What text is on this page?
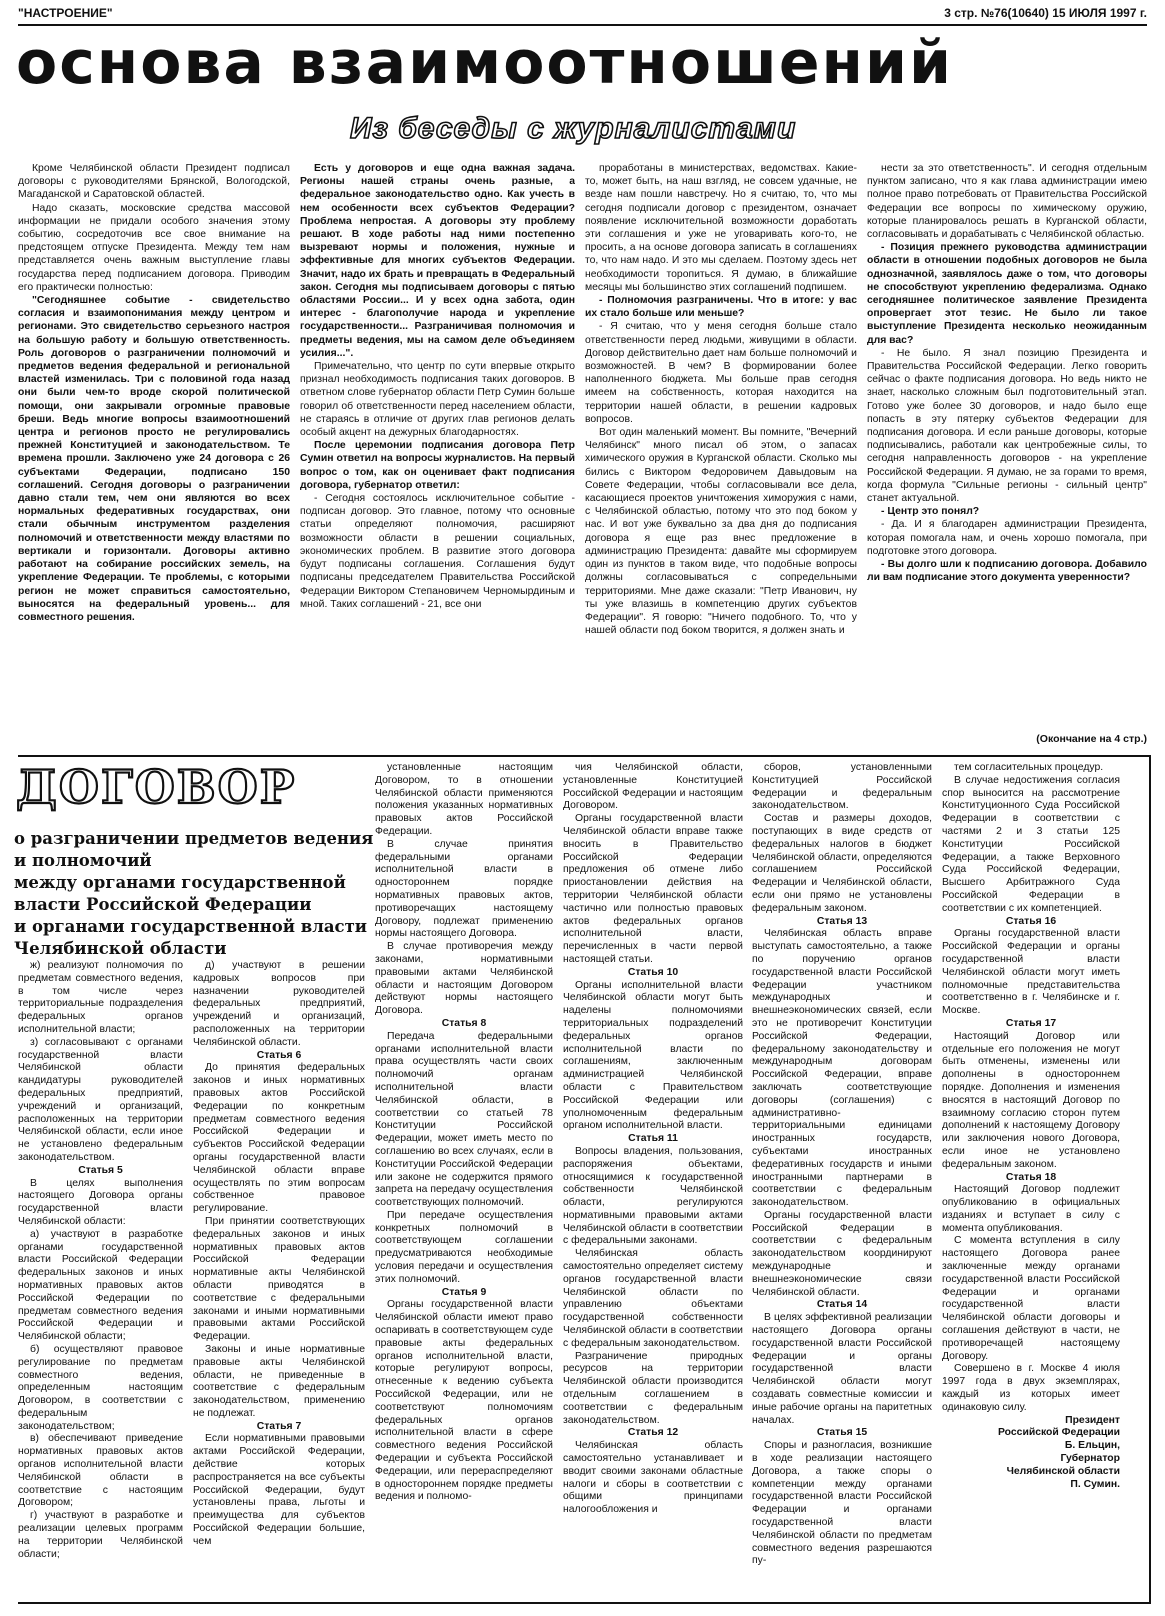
"НАСТРОЕНИЕ"	3 стр. №76(10640) 15 ИЮЛЯ 1997 г.
основа взаимоотношений
Из беседы с журналистами

Кроме Челябинской области Президент подписал договоры с руководителями Брянской, Вологодской, Магаданской и Саратовской областей.

Надо сказать, московские средства массовой информации не придали особого значения этому событию, сосредоточив все свое внимание на предстоящем отпуске Президента. Между тем нам представляется очень важным выступление главы государства перед подписанием договора. Приводим его практически полностью:

"Сегодняшнее событие - свидетельство согласия и взаимопонимания между центром и регионами. Это свидетельство серьезного настроя на большую работу и большую ответственность. Роль договоров о разграничении полномочий и предметов ведения федеральной и региональной властей изменилась. Три с половиной года назад они были чем-то вроде скорой политической помощи, они закрывали огромные правовые бреши. Ведь многие вопросы взаимоотношений центра и регионов просто не регулировались прежней Конституцией и законодательством. Те времена прошли. Заключено уже 24 договора с 26 субъектами Федерации, подписано 150 соглашений. Сегодня договоры о разграничении давно стали тем, чем они являются во всех нормальных федеративных государствах, они стали обычным инструментом разделения полномочий и ответственности между властями по вертикали и горизонтали. Договоры активно работают на собирание российских земель, на укрепление Федерации. Те проблемы, с которыми регион не может справиться самостоятельно, выносятся на федеральный уровень... для совместного решения.

Есть у договоров и еще одна важная задача. Регионы нашей страны очень разные, а федеральное законодательство одно. Как учесть в нем особенности всех субъектов Федерации? Проблема непростая. А договоры эту проблему решают. В ходе работы над ними постепенно вызревают нормы и положения, нужные и эффективные для многих субъектов Федерации. Значит, надо их брать и превращать в Федеральный закон. Сегодня мы подписываем договоры с пятью областями России... И у всех одна забота, один интерес - благополучие народа и укрепление государственности... Разграничивая полномочия и предметы ведения, мы на самом деле объединяем усилия...".

Примечательно, что центр по сути впервые открыто признал необходимость подписания таких договоров. В ответном слове губернатор области Петр Сумин больше говорил об ответственности перед населением области, не стараясь в отличие от других глав регионов делать особый акцент на дежурных благодарностях.

После церемонии подписания договора Петр Сумин ответил на вопросы журналистов. На первый вопрос о том, как он оценивает факт подписания договора, губернатор ответил:

- Сегодня состоялось исключительное событие - подписан договор. Это главное, потому что основные статьи определяют полномочия, расширяют возможности области в решении социальных, экономических проблем. В развитие этого договора будут подписаны соглашения. Соглашения будут подписаны председателем Правительства Российской Федерации Виктором Степановичем Черномырдиным и мной. Таких соглашений - 21, все они

проработаны в министерствах, ведомствах. Какие-то, может быть, на наш взгляд, не совсем удачные, не везде нам пошли навстречу. Но я считаю, то, что мы сегодня подписали договор с президентом, означает появление исключительной возможности доработать эти соглашения и уже не уговаривать кого-то, не просить, а на основе договора записать в соглашениях то, что нам надо. И это мы сделаем. Поэтому здесь нет необходимости торопиться. Я думаю, в ближайшие месяцы мы большинство этих соглашений подпишем.

- Полномочия разграничены. Что в итоге: у вас их стало больше или меньше?

- Я считаю, что у меня сегодня больше стало ответственности перед людьми, живущими в области. Договор действительно дает нам больше полномочий и возможностей. В чем? В формировании более наполненного бюджета. Мы больше прав сегодня имеем на собственность, которая находится на территории нашей области, в решении кадровых вопросов.

Вот один маленький момент. Вы помните, "Вечерний Челябинск" много писал об этом, о запасах химического оружия в Курганской области. Сколько мы бились с Виктором Федоровичем Давыдовым на Совете Федерации, чтобы согласовывали все дела, касающиеся проектов уничтожения химоружия с нами, с Челябинской областью, потому что это под боком у нас. И вот уже буквально за два дня до подписания договора я еще раз внес предложение в администрацию Президента: давайте мы сформируем один из пунктов в таком виде, что подобные вопросы должны согласовываться с сопредельными территориями. Мне даже сказали: "Петр Иванович, ну ты уже влазишь в компетенцию других субъектов Федерации". Я говорю: "Ничего подобного. То, что у нашей области под боком творится, я должен знать и

нести за это ответственность". И сегодня отдельным пунктом записано, что я как глава администрации имею полное право потребовать от Правительства Российской Федерации все вопросы по химическому оружию, которые планировалось решать в Курганской области, согласовывать и дорабатывать с Челябинской областью.

- Позиция прежнего руководства администрации области в отношении подобных договоров не была однозначной, заявлялось даже о том, что договоры не способствуют укреплению федерализма. Однако сегодняшнее политическое заявление Президента опровергает этот тезис. Не было ли такое выступление Президента несколько неожиданным для вас?

- Не было. Я знал позицию Президента и Правительства Российской Федерации. Легко говорить сейчас о факте подписания договора. Но ведь никто не знает, насколько сложным был подготовительный этап. Готово уже более 30 договоров, и надо было еще попасть в эту пятерку субъектов Федерации для подписания договора. И если раньше договоры, которые подписывались, работали как центробежные силы, то сегодня направленность договоров - на укрепление Российской Федерации. Я думаю, не за горами то время, когда формула "Сильные регионы - сильный центр" станет актуальной.

- Центр это понял?

- Да. И я благодарен администрации Президента, которая помогала нам, и очень хорошо помогала, при подготовке этого договора.

- Вы долго шли к подписанию договора. Добавило ли вам подписание этого документа уверенности?

(Окончание на 4 стр.)
ДОГОВОР
о разграничении предметов ведения
и полномочий
между органами государственной
власти Российской Федерации
и органами государственной власти
Челябинской области

ж) реализуют полномочия по предметам совместного ведения, в том числе через территориальные подразделения федеральных органов исполнительной власти;

з) согласовывают с органами государственной власти Челябинской области кандидатуры руководителей федеральных предприятий, учреждений и организаций, расположенных на территории Челябинской области, если иное не установлено федеральным законодательством.

Статья 5

В целях выполнения настоящего Договора органы государственной власти Челябинской области:

а) участвуют в разработке органами государственной власти Российской Федерации федеральных законов и иных нормативных правовых актов Российской Федерации по предметам совместного ведения Российской Федерации и Челябинской области;

б) осуществляют правовое регулирование по предметам совместного ведения, определенным настоящим Договором, в соответствии с федеральным законодательством;

в) обеспечивают приведение нормативных правовых актов органов исполнительной власти Челябинской области в соответствие с настоящим Договором;

г) участвуют в разработке и реализации целевых программ на территории Челябинской области;

д) участвуют в решении кадровых вопросов при назначении руководителей федеральных предприятий, учреждений и организаций, расположенных на территории Челябинской области.

Статья 6

До принятия федеральных законов и иных нормативных правовых актов Российской Федерации по конкретным предметам совместного ведения Российской Федерации и субъектов Российской Федерации органы государственной власти Челябинской области вправе осуществлять по этим вопросам собственное правовое регулирование.

При принятии соответствующих федеральных законов и иных нормативных правовых актов Российской Федерации нормативные акты Челябинской области приводятся в соответствие с федеральными законами и иными нормативными правовыми актами Российской Федерации.

Законы и иные нормативные правовые акты Челябинской области, не приведенные в соответствие с федеральным законодательством, применению не подлежат.

Статья 7

Если нормативными правовыми актами Российской Федерации, действие которых распространяется на все субъекты Российской Федерации, будут установлены права, льготы и преимущества для субъектов Российской Федерации большие, чем

установленные настоящим Договором, то в отношении Челябинской области применяются положения указанных нормативных правовых актов Российской Федерации.

В случае принятия федеральными органами исполнительной власти в одностороннем порядке нормативных правовых актов, противоречащих настоящему Договору, подлежат применению нормы настоящего Договора.

В случае противоречия между законами, нормативными правовыми актами Челябинской области и настоящим Договором действуют нормы настоящего Договора.

Статья 8

Передача федеральными органами исполнительной власти права осуществлять части своих полномочий органам исполнительной власти Челябинской области, в соответствии со статьей 78 Конституции Российской Федерации, может иметь место по соглашению во всех случаях, если в Конституции Российской Федерации или законе не содержится прямого запрета на передачу осуществления соответствующих полномочий.

При передаче осуществления конкретных полномочий в соответствующем соглашении предусматриваются необходимые условия передачи и осуществления этих полномочий.

Статья 9

Органы государственной власти Челябинской области имеют право оспаривать в соответствующем суде правовые акты федеральных органов исполнительной власти, которые регулируют вопросы, отнесенные к ведению субъекта Российской Федерации, или не соответствуют полномочиям федеральных органов исполнительной власти в сфере совместного ведения Российской Федерации и субъекта Российской Федерации, или перераспределяют в одностороннем порядке предметы ведения и полномо-

чия Челябинской области, установленные Конституцией Российской Федерации и настоящим Договором.

Органы государственной власти Челябинской области вправе также вносить в Правительство Российской Федерации предложения об отмене либо приостановлении действия на территории Челябинской области частично или полностью правовых актов федеральных органов исполнительной власти, перечисленных в части первой настоящей статьи.

Статья 10

Органы исполнительной власти Челябинской области могут быть наделены полномочиями территориальных подразделений федеральных органов исполнительной власти по соглашениям, заключенным администрацией Челябинской области с Правительством Российской Федерации или уполномоченным федеральным органом исполнительной власти.

Статья 11

Вопросы владения, пользования, распоряжения объектами, относящимися к государственной собственности Челябинской области, регулируются нормативными правовыми актами Челябинской области в соответствии с федеральными законами.

Челябинская область самостоятельно определяет систему органов государственной власти Челябинской области по управлению объектами государственной собственности Челябинской области в соответствии с федеральным законодательством.

Разграничение природных ресурсов на территории Челябинской области производится отдельным соглашением в соответствии с федеральным законодательством.

Статья 12

Челябинская область самостоятельно устанавливает и вводит своими законами областные налоги и сборы в соответствии с общими принципами налогообложения и

сборов, установленными Конституцией Российской Федерации и федеральным законодательством.

Состав и размеры доходов, поступающих в виде средств от федеральных налогов в бюджет Челябинской области, определяются соглашением Российской Федерации и Челябинской области, если они прямо не установлены федеральным законом.

Статья 13

Челябинская область вправе выступать самостоятельно, а также по поручению органов государственной власти Российской Федерации участником международных и внешнеэкономических связей, если это не противоречит Конституции Российской Федерации, федеральному законодательству и международным договорам Российской Федерации, вправе заключать соответствующие договоры (соглашения) с административно-территориальными единицами иностранных государств, субъектами иностранных федеративных государств и иными иностранными партнерами в соответствии с федеральным законодательством.

Органы государственной власти Российской Федерации в соответствии с федеральным законодательством координируют международные и внешнеэкономические связи Челябинской области.

Статья 14

В целях эффективной реализации настоящего Договора органы государственной власти Российской Федерации и органы государственной власти Челябинской области могут создавать совместные комиссии и иные рабочие органы на паритетных началах.

Статья 15

Споры и разногласия, возникшие в ходе реализации настоящего Договора, а также споры о компетенции между органами государственной власти Российской Федерации и органами государственной власти Челябинской области по предметам совместного ведения разрешаются пу-

тем согласительных процедур.

В случае недостижения согласия спор выносится на рассмотрение Конституционного Суда Российской Федерации в соответствии с частями 2 и 3 статьи 125 Конституции Российской Федерации, а также Верховного Суда Российской Федерации, Высшего Арбитражного Суда Российской Федерации в соответствии с их компетенцией.

Статья 16

Органы государственной власти Российской Федерации и органы государственной власти Челябинской области могут иметь полномочные представительства соответственно в г. Челябинске и г. Москве.

Статья 17

Настоящий Договор или отдельные его положения не могут быть отменены, изменены или дополнены в одностороннем порядке. Дополнения и изменения вносятся в настоящий Договор по взаимному согласию сторон путем дополнений к настоящему Договору или заключения нового Договора, если иное не установлено федеральным законом.

Статья 18

Настоящий Договор подлежит опубликованию в официальных изданиях и вступает в силу с момента опубликования.

С момента вступления в силу настоящего Договора ранее заключенные между органами государственной власти Российской Федерации и органами государственной власти Челябинской области договоры и соглашения действуют в части, не противоречащей настоящему Договору.

Совершено в г. Москве 4 июля 1997 года в двух экземплярах, каждый из которых имеет одинаковую силу.

Президент

Российской Федерации

Б. Ельцин,

Губернатор

Челябинской области

П. Сумин.
